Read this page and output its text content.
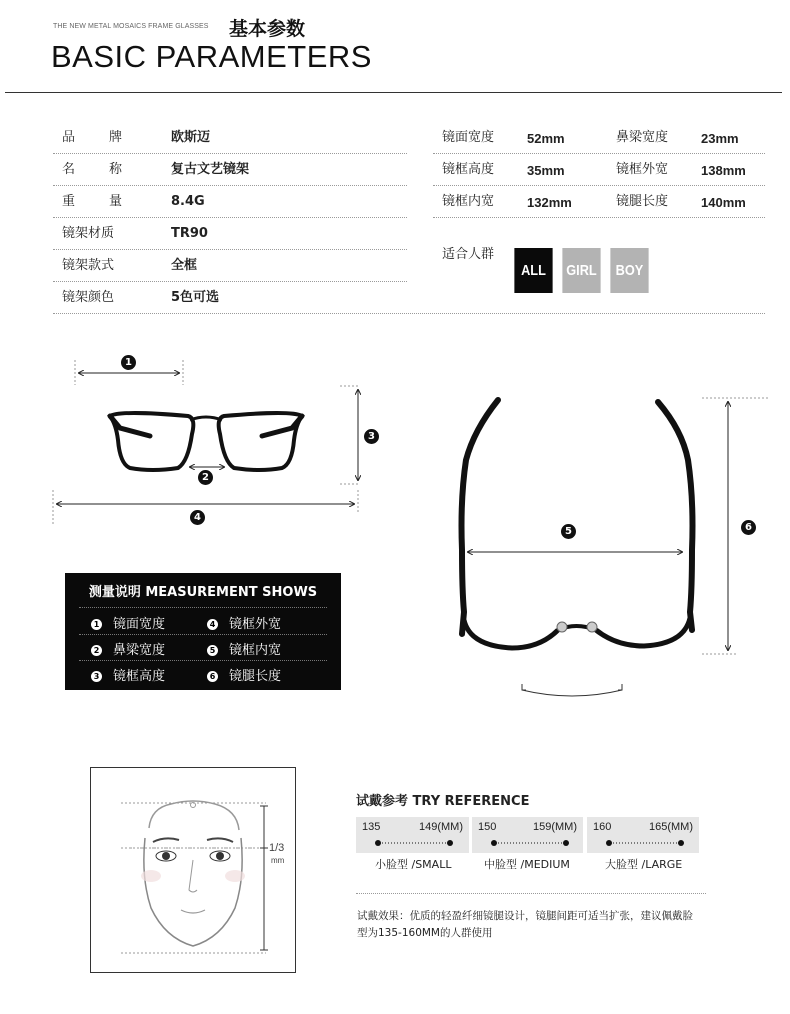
THE NEW METAL MOSAICS FRAME GLASSES 基本参数
BASIC PARAMETERS
品	牌	欧斯迈
名	称	复古文艺镜架
重	量	8.4G
镜架材质	TR90
镜架款式	全框
镜架颜色	5色可选
镜面宽度	52mm	鼻梁宽度	23mm
镜框高度	35mm	镜框外宽	138mm
镜框内宽	132mm	镜腿长度	140mm
适合人群
ALL	GIRL	BOY
1
2
3
4
5	6
测量说明 MEASUREMENT SHOWS
1 镜面宽度	4 镜框外宽
2 鼻梁宽度	5 镜框内宽
3 镜框高度	6 镜腿长度
1/3
mm
试戴参考 TRY REFERENCE
135	149(MM)
小脸型 /SMALL
150	159(MM)
中脸型 /MEDIUM
160	165(MM)
大脸型 /LARGE
试戴效果：优质的轻盈纤细镜腿设计，镜腿间距可适当扩张，建议佩戴脸型为135-160MM的人群使用
